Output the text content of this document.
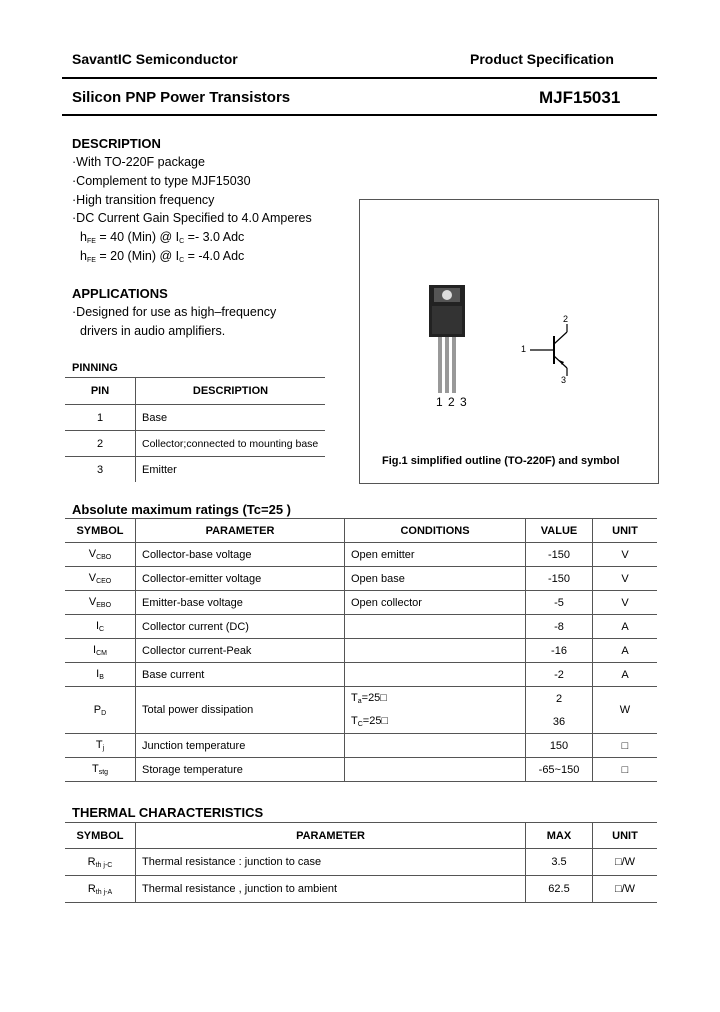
SavantIC Semiconductor	Product Specification
Silicon PNP Power Transistors	MJF15031
DESCRIPTION
·With TO-220F package
·Complement to type MJF15030
·High transition frequency
·DC Current Gain Specified to 4.0 Amperes
$h_{FE} = 40$ (Min) @ $I_C =- 3.0$ Adc
$h_{FE} = 20$ (Min) @ $I_C = -4.0$ Adc
APPLICATIONS
·Designed for use as high–frequency
drivers in audio amplifiers.
PINNING
PIN	DESCRIPTION
1	Base
2	Collector;connected to mounting base
3	Emitter
1 2 3
1
2
3
Fig.1 simplified outline (TO-220F) and symbol
Absolute maximum ratings (Tc=25 )
SYMBOL	PARAMETER	CONDITIONS	VALUE	UNIT
$V_{CBO}$	Collector-base voltage	Open emitter	-150	V
$V_{CEO}$	Collector-emitter voltage	Open base	-150	V
$V_{EBO}$	Emitter-base voltage	Open collector	-5	V
$I_C$	Collector current (DC)		-8	A
$I_{CM}$	Collector current-Peak		-16	A
$I_B$	Base current		-2	A
$P_D$	Total power dissipation	$T_a=25□$	2	W
		$T_C=25□$	36	
$T_j$	Junction temperature		150	□
$T_{stg}$	Storage temperature		-65~150	□
THERMAL CHARACTERISTICS
SYMBOL	PARAMETER	MAX	UNIT
$R_{th j-C}$	Thermal resistance : junction to case	3.5	□/W
$R_{th j-A}$	Thermal resistance , junction to ambient	62.5	□/W
